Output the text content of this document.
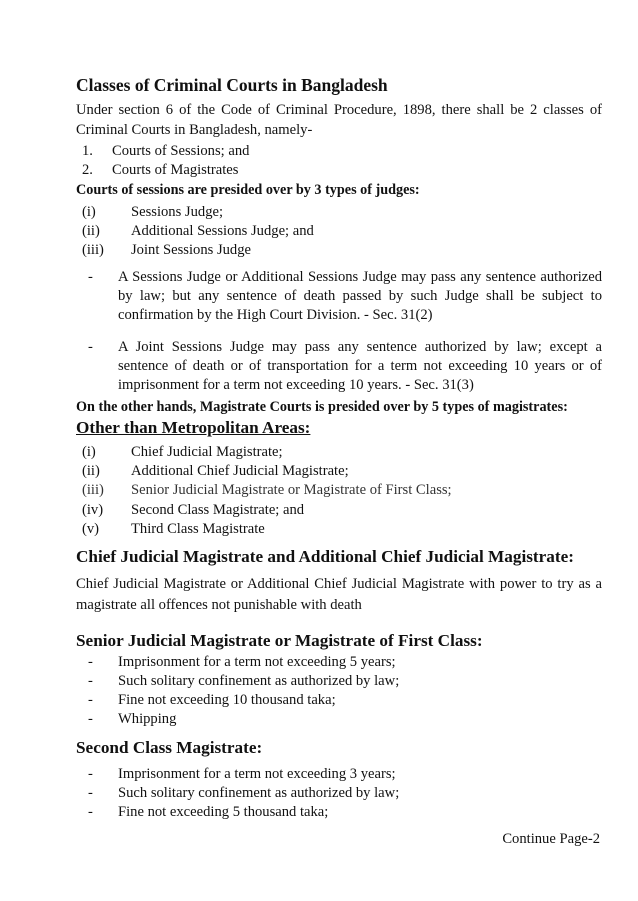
Classes of Criminal Courts in Bangladesh
Under section 6 of the Code of Criminal Procedure, 1898, there shall be 2 classes of
Criminal Courts in Bangladesh, namely-
1.	Courts of Sessions; and
2.	Courts of Magistrates
Courts of sessions are presided over by 3 types of judges:
(i)	Sessions Judge;
(ii)	Additional Sessions Judge; and
(iii)	Joint Sessions Judge
-	A Sessions Judge or Additional Sessions Judge may pass any sentence authorized by law; but any sentence of death passed by such Judge shall be subject to confirmation by the High Court Division. - Sec. 31(2)
-	A Joint Sessions Judge may pass any sentence authorized by law; except a sentence of death or of transportation for a term not exceeding 10 years or of imprisonment for a term not exceeding 10 years. - Sec. 31(3)
On the other hands, Magistrate Courts is presided over by 5 types of magistrates:
Other than Metropolitan Areas:
(i)	Chief Judicial Magistrate;
(ii)	Additional Chief Judicial Magistrate;
(iii)	Senior Judicial Magistrate or Magistrate of First Class;
(iv)	Second Class Magistrate; and
(v)	Third Class Magistrate
Chief Judicial Magistrate and Additional Chief Judicial Magistrate:
Chief Judicial Magistrate or Additional Chief Judicial Magistrate with power to try as a
magistrate all offences not punishable with death
Senior Judicial Magistrate or Magistrate of First Class:
-	Imprisonment for a term not exceeding 5 years;
-	Such solitary confinement as authorized by law;
-	Fine not exceeding 10 thousand taka;
-	Whipping
Second Class Magistrate:
-	Imprisonment for a term not exceeding 3 years;
-	Such solitary confinement as authorized by law;
-	Fine not exceeding 5 thousand taka;
Continue Page-2
